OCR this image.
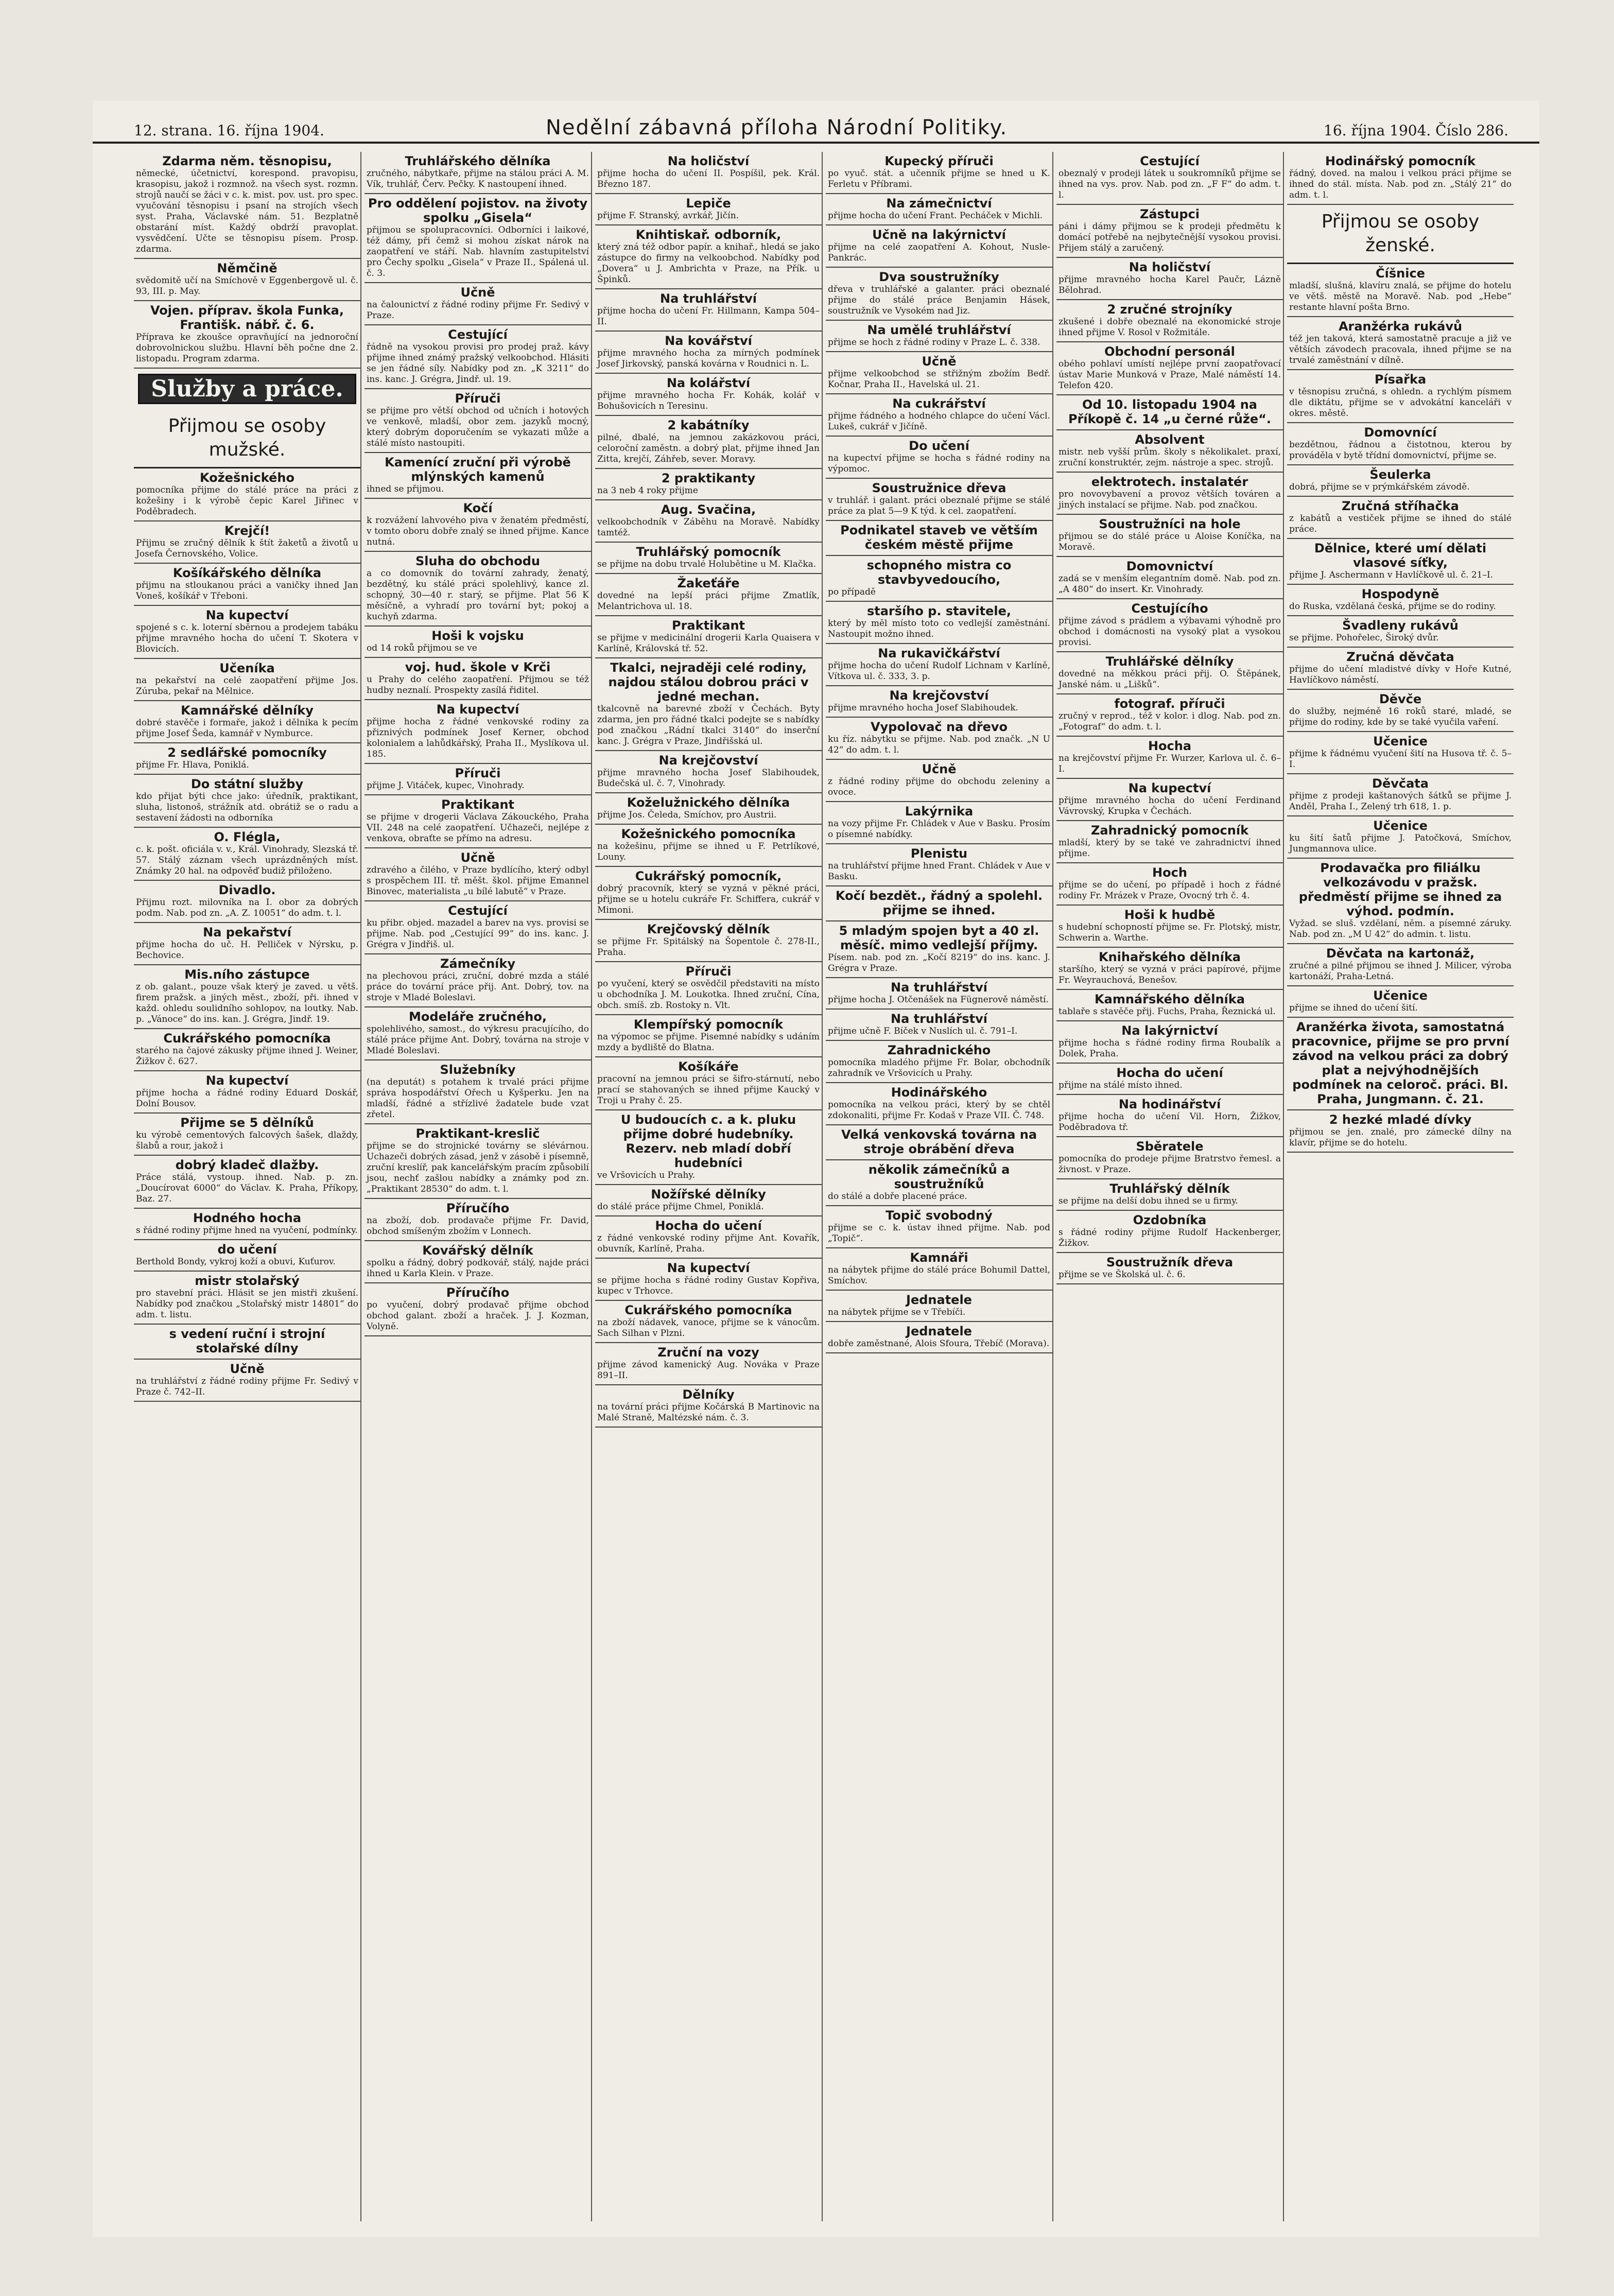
12. strana. 16. října 1904.	Nedělní zábavná příloha Národní Politiky.	16. října 1904. Číslo 286.
Zdarma něm. těsnopisu,
německé, účetnictví, korespond. pravopisu, krasopisu, jakož i rozmnož. na všech syst. rozmn. strojů naučí se žáci v c. k. mist. pov. ust. pro spec. vyučování těsnopisu i psaní na strojích všech syst. Praha, Václavské nám. 51. Bezplatně obstarání míst. Každý obdrží pravoplat. vysvědčení. Učte se těsnopisu písem. Prosp. zdarma.
Němčině
svědomitě učí na Smíchově v Eggenbergově ul. č. 93, III. p. May.
Vojen. příprav. škola Funka, Františk. nábř. č. 6.
Příprava ke zkoušce opravňující na jednoroční dobrovolnickou službu. Hlavní běh počne dne 2. listopadu. Program zdarma.
Služby a práce.
Přijmou se osoby mužské.
Kožešnického
pomocníka přijme do stálé práce na práci z kožešiny i k výrobě čepic Karel Jiřinec v Poděbradech.
Krejčí!
Přijmu se zručný dělník k štít žaketů a životů u Josefa Černovského, Volice.
Košíkářského dělníka
přijmu na stloukanou práci a vaničky ihned Jan Voneš, košíkář v Třeboni.
Na kupectví
spojené s c. k. loterní sběrnou a prodejem tabáku přijme mravného hocha do učení T. Skotera v Blovicích.
Učeníka
na pekařství na celé zaopatření přijme Jos. Zúruba, pekař na Mělnice.
Kamnářské dělníky
dobré stavěče i formaře, jakož i dělníka k pecím přijme Josef Šeda, kamnář v Nymburce.
2 sedlářské pomocníky
přijme Fr. Hlava, Poniklá.
Do státní služby
kdo přijat býti chce jako: úředník, praktikant, sluha, listonoš, strážník atd. obrátiž se o radu a sestavení žádosti na odborníka
O. Flégla,
c. k. pošt. oficiála v. v., Král. Vinohrady, Slezská tř. 57. Stálý záznam všech uprázdněných míst. Známky 20 hal. na odpověď budiž přiloženo.
Divadlo.
Přijmu rozt. milovníka na I. obor za dobrých podm. Nab. pod zn. „A. Z. 10051“ do adm. t. l.
Na pekařství
přijme hocha do uč. H. Pelliček v Nýrsku, p. Bechovice.
Mis.ního zástupce
z ob. galant., pouze však který je zaved. u větš. firem pražsk. a jiných měst., zboží, při. ihned v každ. ohledu soulidního sohlopov, na loutky. Nab. p. „Vánoce“ do ins. kan. J. Grégra, Jindř. 19.
Cukrářského pomocníka
starého na čajové zákusky přijme ihned J. Weiner, Žižkov č. 627.
Na kupectví
přijme hocha a řádné rodiny Eduard Doskář, Dolní Bousov.
Přijme se 5 dělníků
ku výrobě cementových falcových šašek, dlaždy, šlabů a rour, jakož i
dobrý kladeč dlažby.
Práce stálá, vystoup. ihned. Nab. p. zn. „Doucírovat 6000“ do Václav. K. Praha, Příkopy, Baz. 27.
Hodného hocha
s řádné rodiny přijme hned na vyučení, podmínky.
do učení
Berthold Bondy, vykroj koží a obuvi, Kuťurov.
mistr stolařský
pro stavební práci. Hlásit se jen mistři zkušení. Nabídky pod značkou „Stolařský mistr 14801“ do adm. t. listu.
s vedení ruční i strojní stolařské dílny
Učně
na truhlářství z řádné rodiny přijme Fr. Sedivý v Praze č. 742–II.
Truhlářského dělníka
zručného, nábytkaře, přijme na stálou práci A. M. Vík, truhlář, Červ. Pečky. K nastoupení ihned.
Pro oddělení pojistov. na životy spolku „Gisela“
přijmou se spolupracovníci. Odborníci i laikové, též dámy, při čemž si mohou získat nárok na zaopatření ve stáří. Nab. hlavním zastupitelství pro Čechy spolku „Gisela“ v Praze II., Spálená ul. č. 3.
Učně
na čalounictví z řádné rodiny přijme Fr. Sedivý v Praze.
Cestující
řádně na vysokou provisi pro prodej praž. kávy přijme ihned známý pražský velkoobchod. Hlásiti se jen řádné síly. Nabídky pod zn. „K 3211“ do ins. kanc. J. Grégra, Jindř. ul. 19.
Příruči
se přijme pro větší obchod od učních i hotových ve venkově, mladší, obor zem. jazyků mocný, který dobrým doporučením se vykazati může a stálé místo nastoupiti.
Kamenící zruční při výrobě mlýnských kamenů
ihned se přijmou.
Kočí
k rozvážení lahvového piva v ženatém předměstí, v tomto oboru dobře znalý se ihned přijme. Kance nutná.
Sluha do obchodu
a co domovník do tovární zahrady, ženatý, bezdětný, ku stálé práci spolehlivý, kance zl. schopný, 30—40 r. starý, se přijme. Plat 56 K měsíčně, a vyhradí pro tovární byt; pokoj a kuchyň zdarma.
Hoši k vojsku
od 14 roků přijmou se ve
voj. hud. škole v Krči
u Prahy do celého zaopatření. Přijmou se též hudby neznalí. Prospekty zasílá řiditel.
Na kupectví
přijme hocha z řádné venkovské rodiny za přiznivých podmínek Josef Kerner, obchod kolonialem a lahůdkářský, Praha II., Myslíkova ul. 185.
Příruči
přijme J. Vitáček, kupec, Vinohrady.
Praktikant
se přijme v drogerii Václava Zákouckého, Praha VII. 248 na celé zaopatření. Učhazeči, nejlépe z venkova, obraťte se přímo na adresu.
Učně
zdravého a čilého, v Praze bydlícího, který odbyl s prospěchem III. tř. měšt. škol. přijme Emannel Binovec, materialista „u bílé labutě“ v Praze.
Cestující
ku přibr. objed. mazadel a barev na vys. provisi se přijme. Nab. pod „Cestující 99“ do ins. kanc. J. Grégra v Jindřiš. ul.
Zámečníky
na plechovou práci, zruční, dobré mzda a stálé práce do tovární práce přij. Ant. Dobrý, tov. na stroje v Mladé Boleslavi.
Modeláře zručného,
spolehlivého, samost., do výkresu pracujícího, do stálé práce přijme Ant. Dobrý, továrna na stroje v Mladé Boleslavi.
Služebníky
(na deputát) s potahem k trvalé práci přijme správa hospodářství Ořech u Kyšperku. Jen na mladší, řádné a střízlivé žadatele bude vzat zřetel.
Praktikant-kreslič
přijme se do strojnické továrny se slévárnou. Uchazeči dobrých zásad, jenž v zásobě i písemně, zruční kreslíř, pak kancelářským pracím způsobilí jsou, nechť zašlou nabídky a známky pod zn. „Praktikant 28530“ do adm. t. l.
Příručího
na zboží, dob. prodavače přijme Fr. David, obchod smíšeným zbožím v Lonnech.
Kovářský dělník
spolku a řádný, dobrý podkovář, stálý, najde práci ihned u Karla Klein. v Praze.
Příručího
po vyučení, dobrý prodavač přijme obchod obchod galant. zboží a hraček. J. J. Kozman, Volyně.
Na holičství
přijme hocha do učení II. Pospíšil, pek. Král. Březno 187.
Lepiče
přijme F. Stranský, avrkář, Jičín.
Knihtiskař. odborník,
který zná též odbor papír. a knihař., hledá se jako zástupce do firmy na velkoobchod. Nabídky pod „Dovera“ u J. Ambrichta v Praze, na Přík. u Špinků.
Na truhlářství
přijme hocha do učení Fr. Hillmann, Kampa 504–II.
Na kovářství
přijme mravného hocha za mírných podmínek Josef Jirkovský, panská kovárna v Roudnici n. L.
Na kolářství
přijme mravného hocha Fr. Kohák, kolář v Bohušovicích n Teresinu.
2 kabátníky
pilné, dbalé, na jemnou zakázkovou práci, celoroční zaměstn. a dobrý plat, přijme ihned Jan Zitta, krejčí, Záhřeb, sever. Moravy.
2 praktikanty
na 3 neb 4 roky přijme
Aug. Svačina,
velkoobchodník v Záběhu na Moravě. Nabídky tamtéž.
Truhlářský pomocník
se přijme na dobu trvalé Holubětine u M. Klačka.
Žakeťáře
dovedné na lepší práci přijme Zmatlík, Melantrichova ul. 18.
Praktikant
se přijme v medicinální drogerii Karla Quaisera v Karlíně, Královská tř. 52.
Tkalci, nejraději celé rodiny, najdou stálou dobrou práci v jedné mechan.
tkalcovně na barevné zboží v Čechách. Byty zdarma, jen pro řádné tkalci podejte se s nabídky pod značkou „Rádní tkalci 3140“ do inserční kanc. J. Grégra v Praze, Jindřišská ul.
Na krejčovství
přijme mravného hocha Josef Slabihoudek, Budečská ul. č. 7, Vinohrady.
Koželužnického dělníka
přijme Jos. Čeleda, Smíchov, pro Austrii.
Kožešnického pomocníka
na kožešinu, přijme se ihned u F. Petrlíkové, Louny.
Cukrářský pomocník,
dobrý pracovník, který se vyzná v pěkné práci, přijme se u hotelu cukráře Fr. Schiffera, cukrář v Mimoni.
Krejčovský dělník
se přijme Fr. Spitálský na Šopentole č. 278-II., Praha.
Příruči
po vyučení, který se osvědčil představiti na místo u obchodníka J. M. Loukotka. Ihned zruční, Cína, obch. smíš. zb. Rostoky n. Vlt.
Klempířský pomocník
na výpomoc se přijme. Pisemné nabídky s udáním mzdy a bydliště do Blatna.
Košíkáře
pracovní na jemnou práci se šifro-stárnutí, nebo prací se stahovaných se ihned přijme Kaucký v Troji u Prahy č. 25.
U budoucích c. a k. pluku přijme dobré hudebníky. Rezerv. neb mladí dobří hudebníci
ve Vršovicích u Prahy.
Nožířské dělníky
do stálé práce přijme Chmel, Poniklá.
Hocha do učení
z řádné venkovské rodiny přijme Ant. Kovařík, obuvník, Karlíně, Praha.
Na kupectví
se přijme hocha s řádné rodiny Gustav Kopřiva, kupec v Trhovce.
Cukrářského pomocníka
na zboží nádavek, vanoce, přijme se k vánocům. Sach Silhan v Plzni.
Zruční na vozy
přijme závod kamenický Aug. Nováka v Praze 891–II.
Dělníky
na tovární práci přijme Kočárská B Martinovic na Malé Straně, Maltézské nám. č. 3.
Kupecký příruči
po vyuč. stát. a učenník přijme se hned u K. Ferletu v Příbrami.
Na zámečnictví
přijme hocha do učení Frant. Pecháček v Michli.
Učně na lakýrnictví
přijme na celé zaopatření A. Kohout, Nusle-Pankrác.
Dva soustružníky
dřeva v truhlářské a galanter. práci obeznalé přijme do stálé práce Benjamin Hásek, soustružník ve Vysokém nad Jiz.
Na umělé truhlářství
přijme se hoch z řádné rodiny v Praze L. č. 338.
Učně
přijme velkoobchod se střižným zbožím Bedř. Kočnar, Praha II., Havelská ul. 21.
Na cukrářství
přijme řádného a hodného chlapce do učení Václ. Lukeš, cukrář v Jičíně.
Do učení
na kupectví přijme se hocha s řádné rodiny na výpomoc.
Soustružnice dřeva
v truhlář. i galant. práci obeznalé přijme se stálé práce za plat 5—9 K týd. k cel. zaopatření.
Podnikatel staveb ve větším českém městě přijme
schopného mistra co stavbyvedoucího,
po případě
staršího p. stavitele,
který by měl místo toto co vedlejší zaměstnání. Nastoupit možno ihned.
Na rukavičkářství
přijme hocha do učení Rudolf Lichnam v Karlíně, Vítkova ul. č. 333, 3. p.
Na krejčovství
přijme mravného hocha Josef Slabihoudek.
Vypolovač na dřevo
ku říz. nábytku se přijme. Nab. pod značk. „N U 42“ do adm. t. l.
Učně
z řádné rodiny přijme do obchodu zeleniny a ovoce.
Lakýrnika
na vozy přijme Fr. Chládek v Aue v Basku. Prosím o písemné nabídky.
Plenistu
na truhlářství přijme hned Frant. Chládek v Aue v Basku.
Kočí bezdět., řádný a spolehl. přijme se ihned.
5 mladým spojen byt a 40 zl. měsíč. mimo vedlejší příjmy.
Písem. nab. pod zn. „Kočí 8219“ do ins. kanc. J. Grégra v Praze.
Na truhlářství
přijme hocha J. Otčenášek na Fügnerově náměstí.
Na truhlářství
přijme učně F. Bíček v Nuslích ul. č. 791–I.
Zahradnického
pomocníka mladého přijme Fr. Bolar, obchodník zahradník ve Vršovicích u Prahy.
Hodinářského
pomocníka na velkou práci, který by se chtěl zdokonaliti, přijme Fr. Kodaš v Praze VII. Č. 748.
Velká venkovská továrna na stroje obrábění dřeva
několik zámečníků a soustružníků
do stálé a dobře placené práce.
Topič svobodný
přijme se c. k. ústav ihned přijme. Nab. pod „Topič“.
Kamnáři
na nábytek přijme do stálé práce Bohumil Dattel, Smíchov.
Jednatele
na nábytek přijme se v Třebíči.
Jednatele
dobře zaměstnané, Alois Sfoura, Třebíč (Morava).
Cestující
obeznalý v prodeji látek u soukromníků přijme se ihned na vys. prov. Nab. pod zn. „F F“ do adm. t. l.
Zástupci
páni i dámy přijmou se k prodeji předmětu k domácí potřebě na nejbytečnější vysokou provisi. Přijem stálý a zaručený.
Na holičství
přijme mravného hocha Karel Paučr, Lázně Bělohrad.
2 zručné strojníky
zkušené i dobře obeznalé na ekonomické stroje ihned přijme V. Rosol v Rožmitále.
Obchodní personál
obého pohlaví umístí nejlépe první zaopatřovací ústav Marie Munková v Praze, Malé náměstí 14. Telefon 420.
Od 10. listopadu 1904 na Příkopě č. 14 „u černé růže“.
Absolvent
mistr. neb vyšší prům. školy s několikalet. praxí, zruční konstruktér, zejm. nástroje a spec. strojů.
elektrotech. instalatér
pro novovybavení a provoz větších továren a jiných instalací se přijme. Nab. pod značkou.
Soustružníci na hole
přijmou se do stálé práce u Aloise Koníčka, na Moravě.
Domovnictví
zadá se v menším elegantním domě. Nab. pod zn. „A 480“ do insert. Kr. Vinohrady.
Cestujícího
přijme závod s prádlem a výbavami výhodně pro obchod i domácnosti na vysoký plat a vysokou provisi.
Truhlářské dělníky
dovedné na měkkou práci přij. O. Štěpánek, Janské nám. u „Lišků“.
fotograf. příruči
zručný v reprod., též v kolor. i dlog. Nab. pod zn. „Fotograf“ do adm. t. l.
Hocha
na krejčovství přijme Fr. Wurzer, Karlova ul. č. 6–I.
Na kupectví
přijme mravného hocha do učení Ferdinand Vávrovský, Krupka v Čechách.
Zahradnický pomocník
mladší, který by se také ve zahradnictví ihned přijme.
Hoch
přijme se do učení, po případě i hoch z řádné rodiny Fr. Mrázek v Praze, Ovocný trh č. 4.
Hoši k hudbě
s hudební schopností přijme se. Fr. Plotský, mistr, Schwerin a. Warthe.
Knihařského dělníka
staršího, který se vyzná v práci papírové, přijme Fr. Weyrauchová, Benešov.
Kamnářského dělníka
tablaře s stavěče přij. Fuchs, Praha, Řeznická ul.
Na lakýrnictví
přijme hocha s řádné rodiny firma Roubalík a Dolek, Praha.
Hocha do učení
přijme na stálé místo ihned.
Na hodinářství
přijme hocha do učení Vil. Horn, Žižkov, Poděbradova tř.
Sběratele
pomocníka do prodeje přijme Bratrstvo řemesl. a živnost. v Praze.
Truhlářský dělník
se přijme na delší dobu ihned se u firmy.
Ozdobníka
s řádné rodiny přijme Rudolf Hackenberger, Žižkov.
Soustružník dřeva
přijme se ve Školská ul. č. 6.
Hodinářský pomocník
řádný, doved. na malou i velkou práci přijme se ihned do stál. místa. Nab. pod zn. „Stálý 21“ do adm. t. l.
Přijmou se osoby ženské.
Číšnice
mladší, slušná, klavíru znalá, se přijme do hotelu ve větš. městě na Moravě. Nab. pod „Hebe“ restante hlavní pošta Brno.
Aranžérka rukávů
též jen taková, která samostatně pracuje a již ve větších závodech pracovala, ihned přijme se na trvalé zaměstnání v dílně.
Písařka
v těsnopisu zručná, s ohledn. a rychlým písmem dle diktátu, přijme se v advokátní kanceláři v okres. městě.
Domovnící
bezdětnou, řádnou a čistotnou, kterou by prováděla v bytě třídní domovnictví, přijme se.
Šeulerka
dobrá, přijme se v prýmkářském závodě.
Zručná stříhačka
z kabátů a vestiček přijme se ihned do stálé práce.
Dělnice, které umí dělati vlasové síťky,
přijme J. Aschermann v Havlíčkově ul. č. 21–I.
Hospodyně
do Ruska, vzdělaná česká, přijme se do rodiny.
Švadleny rukávů
se přijme. Pohořelec, Široký dvůr.
Zručná děvčata
přijme do učení mladistvé dívky v Hoře Kutné, Havlíčkovo náměstí.
Děvče
do služby, nejméně 16 roků staré, mladé, se přijme do rodiny, kde by se také vyučila vaření.
Učenice
přijme k řádnému vyučení šití na Husova tř. č. 5–I.
Děvčata
přijme z prodeji kaštanových šátků se přijme J. Anděl, Praha I., Zelený trh 618, 1. p.
Učenice
ku šití šatů přijme J. Patočková, Smíchov, Jungmannova ulice.
Prodavačka pro filiálku velkozávodu v pražsk. předměstí přijme se ihned za výhod. podmín.
Vyžad. se sluš. vzdělaní, něm. a písemné záruky. Nab. pod zn. „M U 42“ do admin. t. listu.
Děvčata na kartonáž,
zručné a pilné přijmou se ihned J. Milicer, výroba kartonáží, Praha-Letná.
Učenice
přijme se ihned do učení šití.
Aranžérka života, samostatná pracovnice, přijme se pro první závod na velkou práci za dobrý plat a nejvýhodnějších podmínek na celoroč. práci. Bl. Praha, Jungmann. č. 21.
2 hezké mladé dívky
přijmou se jen. znalé, pro zámecké dílny na klavír, přijme se do hotelu.
